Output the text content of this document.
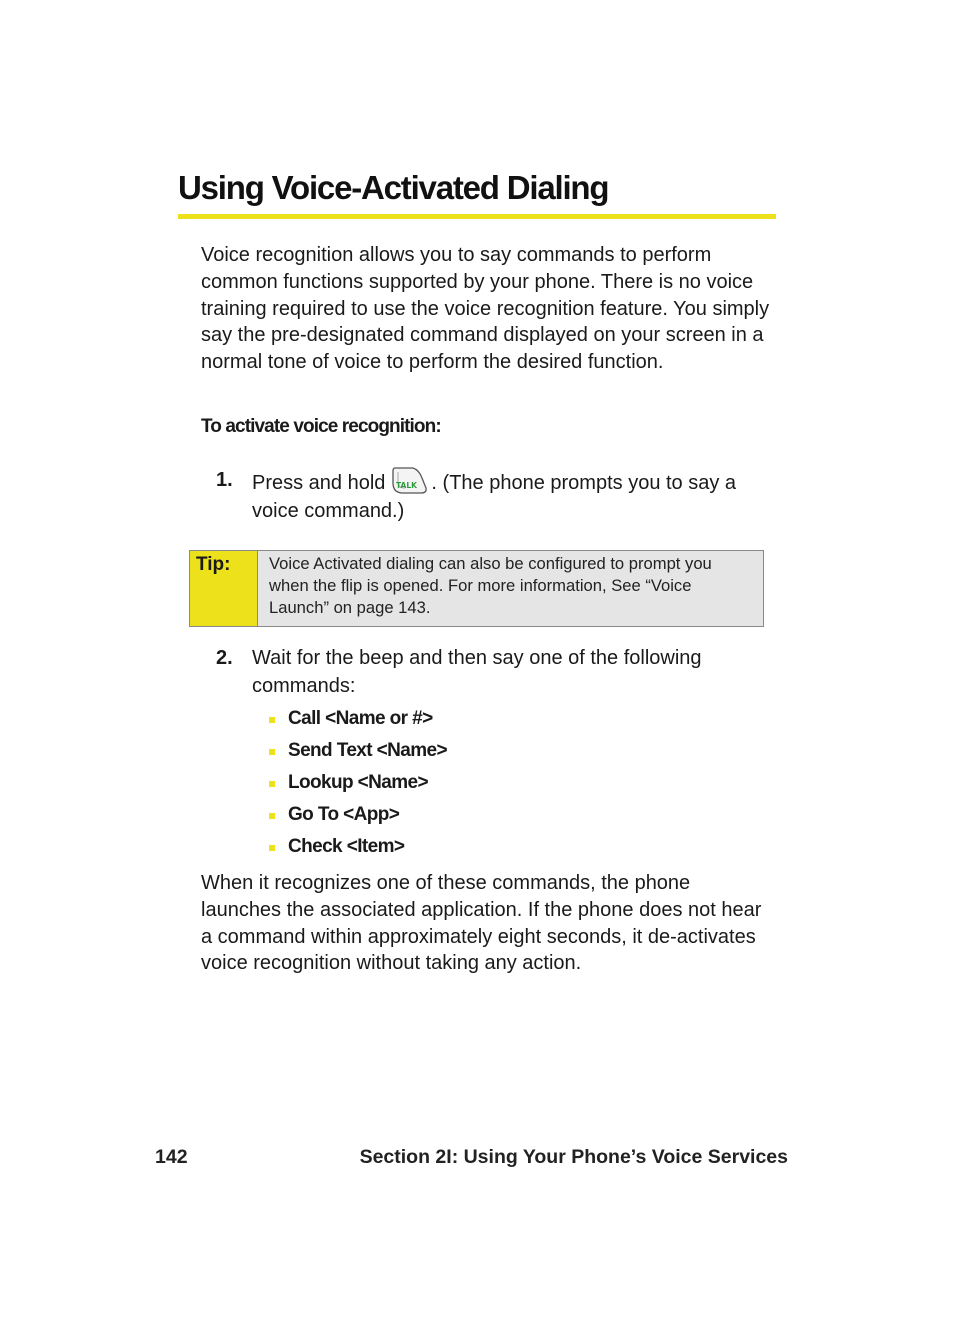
Using Voice-Activated Dialing

Voice recognition allows you to say commands to perform common functions supported by your phone. There is no voice training required to use the voice recognition feature. You simply say the pre-designated command displayed on your screen in a normal tone of voice to perform the desired function.

To activate voice recognition:
1. Press and hold TALK . (The phone prompts you to say a voice command.)
Tip:	Voice Activated dialing can also be configured to prompt you when the flip is opened. For more information, See “Voice Launch” on page 143.
2. Wait for the beep and then say one of the following commands:
Call <Name or #>
Send Text <Name>
Lookup <Name>
Go To <App>
Check <Item>

When it recognizes one of these commands, the phone launches the associated application. If the phone does not hear a command within approximately eight seconds, it de-activates voice recognition without taking any action.

142	Section 2I: Using Your Phone’s Voice Services
